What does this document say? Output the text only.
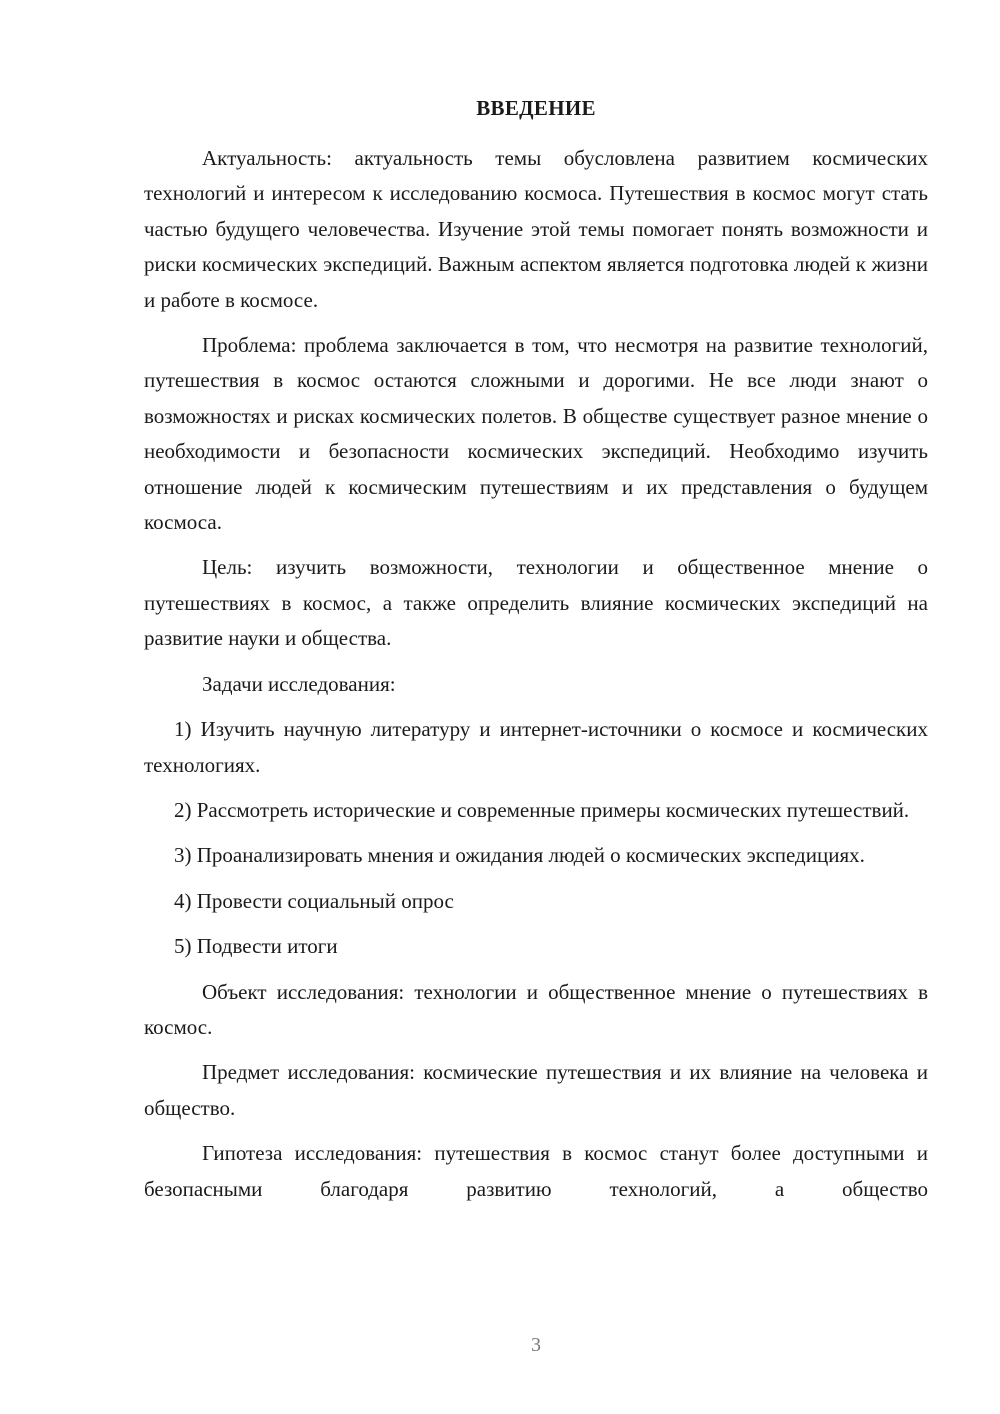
ВВЕДЕНИЕ

Актуальность: актуальность темы обусловлена развитием космических технологий и интересом к исследованию космоса. Путешествия в космос могут стать частью будущего человечества. Изучение этой темы помогает понять возможности и риски космических экспедиций. Важным аспектом является подготовка людей к жизни и работе в космосе.

Проблема: проблема заключается в том, что несмотря на развитие технологий, путешествия в космос остаются сложными и дорогими. Не все люди знают о возможностях и рисках космических полетов. В обществе существует разное мнение о необходимости и безопасности космических экспедиций. Необходимо изучить отношение людей к космическим путешествиям и их представления о будущем космоса.

Цель: изучить возможности, технологии и общественное мнение о путешествиях в космос, а также определить влияние космических экспедиций на развитие науки и общества.

Задачи исследования:

1) Изучить научную литературу и интернет-источники о космосе и космических технологиях.

2) Рассмотреть исторические и современные примеры космических путешествий.

3) Проанализировать мнения и ожидания людей о космических экспедициях.

4) Провести социальный опрос

5) Подвести итоги

Объект исследования: технологии и общественное мнение о путешествиях в космос.

Предмет исследования: космические путешествия и их влияние на человека и общество.

Гипотеза исследования: путешествия в космос станут более доступными и безопасными благодаря развитию технологий, а общество

3
